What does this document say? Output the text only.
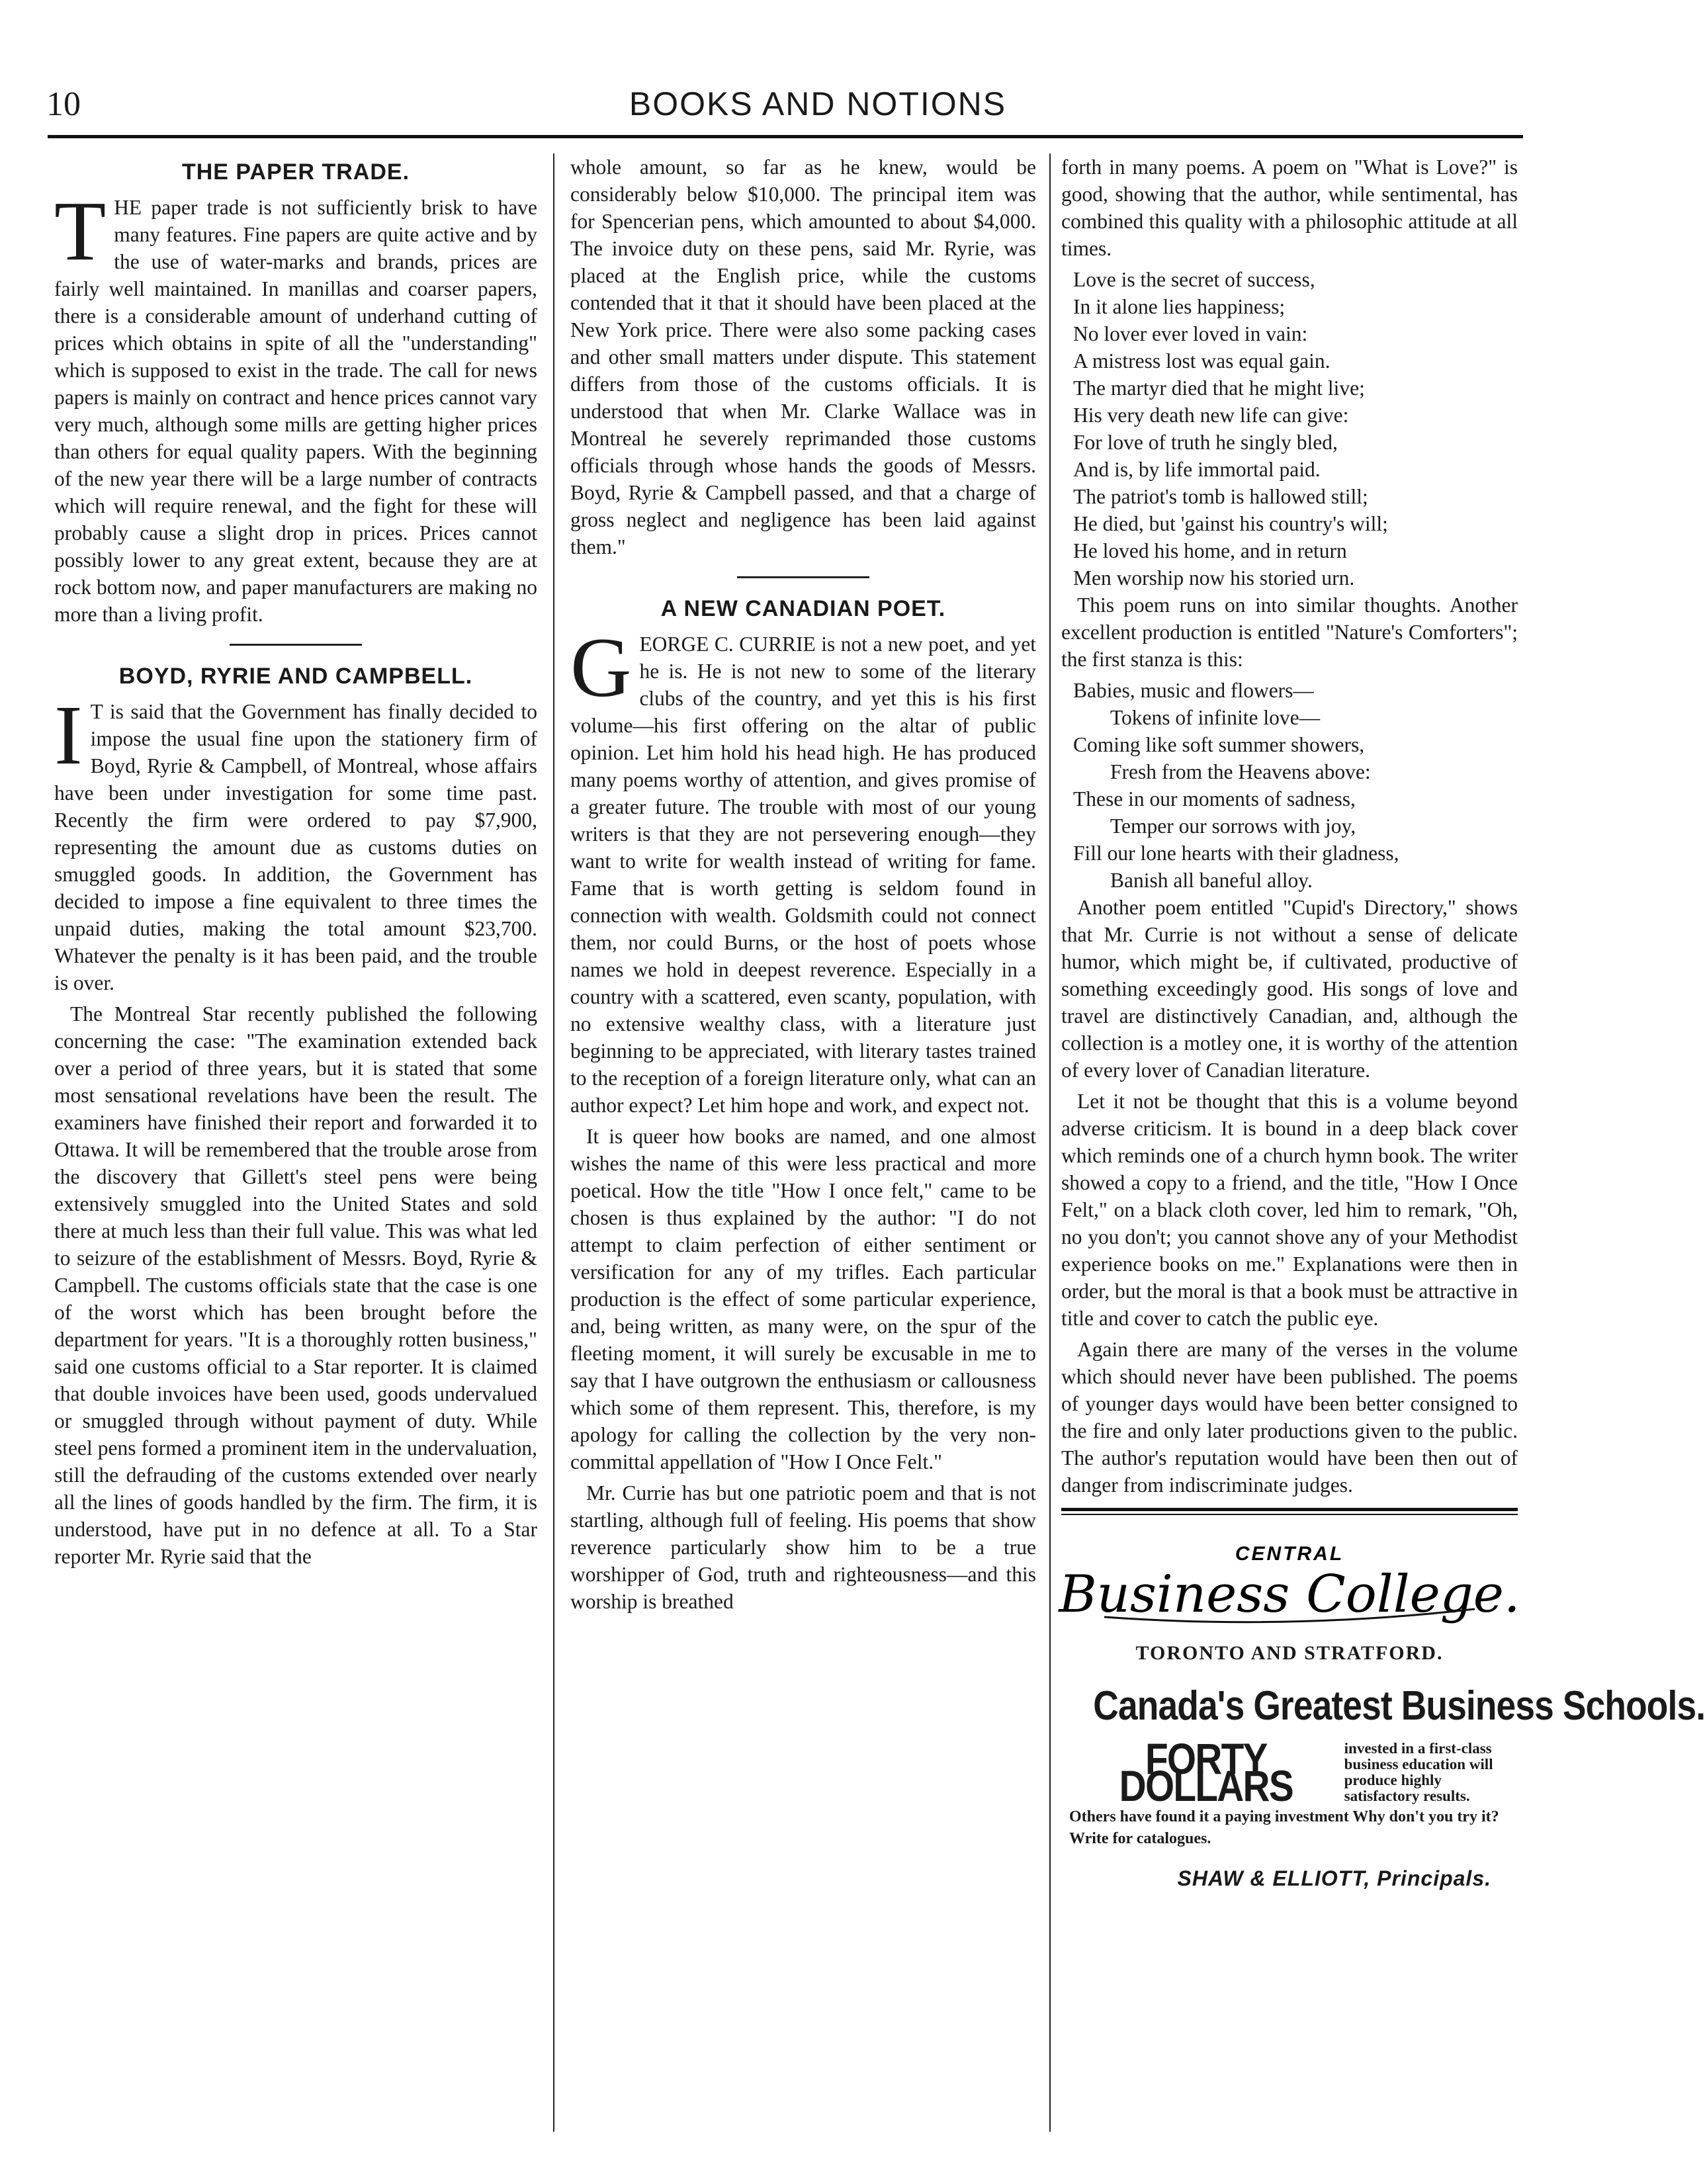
10	BOOKS AND NOTIONS
THE PAPER TRADE.

THE paper trade is not sufficiently brisk to have many features. Fine papers are quite active and by the use of water-marks and brands, prices are fairly well maintained. In manillas and coarser papers, there is a considerable amount of underhand cutting of prices which obtains in spite of all the "understanding" which is supposed to exist in the trade. The call for news papers is mainly on contract and hence prices cannot vary very much, although some mills are getting higher prices than others for equal quality papers. With the beginning of the new year there will be a large number of contracts which will require renewal, and the fight for these will probably cause a slight drop in prices. Prices cannot possibly lower to any great extent, because they are at rock bottom now, and paper manufacturers are making no more than a living profit.

BOYD, RYRIE AND CAMPBELL.

I T is said that the Government has finally decided to impose the usual fine upon the stationery firm of Boyd, Ryrie & Campbell, of Montreal, whose affairs have been under investigation for some time past. Recently the firm were ordered to pay $7,900, representing the amount due as customs duties on smuggled goods. In addition, the Government has decided to impose a fine equivalent to three times the unpaid duties, making the total amount $23,700. Whatever the penalty is it has been paid, and the trouble is over.

The Montreal Star recently published the following concerning the case: "The examination extended back over a period of three years, but it is stated that some most sensational revelations have been the result. The examiners have finished their report and forwarded it to Ottawa. It will be remembered that the trouble arose from the discovery that Gillett's steel pens were being extensively smuggled into the United States and sold there at much less than their full value. This was what led to seizure of the establishment of Messrs. Boyd, Ryrie & Campbell. The customs officials state that the case is one of the worst which has been brought before the department for years. "It is a thoroughly rotten business," said one customs official to a Star reporter. It is claimed that double invoices have been used, goods undervalued or smuggled through without payment of duty. While steel pens formed a prominent item in the undervaluation, still the defrauding of the customs extended over nearly all the lines of goods handled by the firm. The firm, it is understood, have put in no defence at all. To a Star reporter Mr. Ryrie said that the

whole amount, so far as he knew, would be considerably below $10,000. The principal item was for Spencerian pens, which amounted to about $4,000. The invoice duty on these pens, said Mr. Ryrie, was placed at the English price, while the customs contended that it that it should have been placed at the New York price. There were also some packing cases and other small matters under dispute. This statement differs from those of the customs officials. It is understood that when Mr. Clarke Wallace was in Montreal he severely reprimanded those customs officials through whose hands the goods of Messrs. Boyd, Ryrie & Campbell passed, and that a charge of gross neglect and negligence has been laid against them."

A NEW CANADIAN POET.

GEORGE C. CURRIE is not a new poet, and yet he is. He is not new to some of the literary clubs of the country, and yet this is his first volume—his first offering on the altar of public opinion. Let him hold his head high. He has produced many poems worthy of attention, and gives promise of a greater future. The trouble with most of our young writers is that they are not persevering enough—they want to write for wealth instead of writing for fame. Fame that is worth getting is seldom found in connection with wealth. Goldsmith could not connect them, nor could Burns, or the host of poets whose names we hold in deepest reverence. Especially in a country with a scattered, even scanty, population, with no extensive wealthy class, with a literature just beginning to be appreciated, with literary tastes trained to the reception of a foreign literature only, what can an author expect? Let him hope and work, and expect not.

It is queer how books are named, and one almost wishes the name of this were less practical and more poetical. How the title "How I once felt," came to be chosen is thus explained by the author: "I do not attempt to claim perfection of either sentiment or versification for any of my trifles. Each particular production is the effect of some particular experience, and, being written, as many were, on the spur of the fleeting moment, it will surely be excusable in me to say that I have outgrown the enthusiasm or callousness which some of them represent. This, therefore, is my apology for calling the collection by the very non-committal appellation of "How I Once Felt."

Mr. Currie has but one patriotic poem and that is not startling, although full of feeling. His poems that show reverence particularly show him to be a true worshipper of God, truth and righteousness—and this worship is breathed

forth in many poems. A poem on "What is Love?" is good, showing that the author, while sentimental, has combined this quality with a philosophic attitude at all times.

Love is the secret of success,
In it alone lies happiness;
No lover ever loved in vain:
A mistress lost was equal gain.
The martyr died that he might live;
His very death new life can give:
For love of truth he singly bled,
And is, by life immortal paid.
The patriot's tomb is hallowed still;
He died, but 'gainst his country's will;
He loved his home, and in return
Men worship now his storied urn.

This poem runs on into similar thoughts. Another excellent production is entitled "Nature's Comforters"; the first stanza is this:

Babies, music and flowers—
Tokens of infinite love—
Coming like soft summer showers,
Fresh from the Heavens above:
These in our moments of sadness,
Temper our sorrows with joy,
Fill our lone hearts with their gladness,
Banish all baneful alloy.

Another poem entitled "Cupid's Directory," shows that Mr. Currie is not without a sense of delicate humor, which might be, if cultivated, productive of something exceedingly good. His songs of love and travel are distinctively Canadian, and, although the collection is a motley one, it is worthy of the attention of every lover of Canadian literature.

Let it not be thought that this is a volume beyond adverse criticism. It is bound in a deep black cover which reminds one of a church hymn book. The writer showed a copy to a friend, and the title, "How I Once Felt," on a black cloth cover, led him to remark, "Oh, no you don't; you cannot shove any of your Methodist experience books on me." Explanations were then in order, but the moral is that a book must be attractive in title and cover to catch the public eye.

Again there are many of the verses in the volume which should never have been published. The poems of younger days would have been better consigned to the fire and only later productions given to the public. The author's reputation would have been then out of danger from indiscriminate judges.

CENTRAL
Business College.
TORONTO AND STRATFORD.
Canada's Greatest Business Schools.
FORTY DOLLARS
invested in a first-class business education will produce highly satisfactory results.
Others have found it a paying investment Why don't you try it?
Write for catalogues.
SHAW & ELLIOTT, Principals.
